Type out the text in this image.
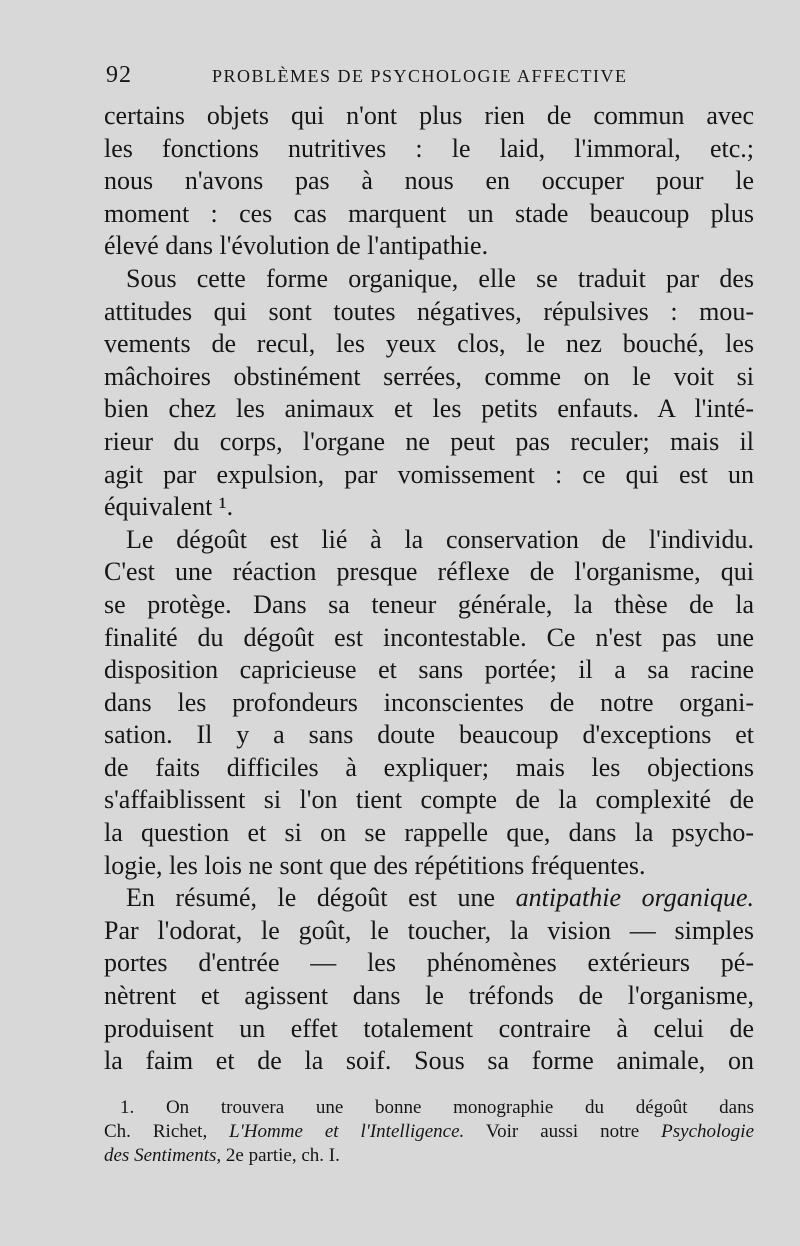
92	PROBLÈMES DE PSYCHOLOGIE AFFECTIVE
certains objets qui n'ont plus rien de commun avec
les fonctions nutritives : le laid, l'immoral, etc.;
nous n'avons pas à nous en occuper pour le
moment : ces cas marquent un stade beaucoup plus
élevé dans l'évolution de l'antipathie.
Sous cette forme organique, elle se traduit par des
attitudes qui sont toutes négatives, répulsives : mou-
vements de recul, les yeux clos, le nez bouché, les
mâchoires obstinément serrées, comme on le voit si
bien chez les animaux et les petits enfauts. A l'inté-
rieur du corps, l'organe ne peut pas reculer; mais il
agit par expulsion, par vomissement : ce qui est un
équivalent ¹.
Le dégoût est lié à la conservation de l'individu.
C'est une réaction presque réflexe de l'organisme, qui
se protège. Dans sa teneur générale, la thèse de la
finalité du dégoût est incontestable. Ce n'est pas une
disposition capricieuse et sans portée; il a sa racine
dans les profondeurs inconscientes de notre organi-
sation. Il y a sans doute beaucoup d'exceptions et
de faits difficiles à expliquer; mais les objections
s'affaiblissent si l'on tient compte de la complexité de
la question et si on se rappelle que, dans la psycho-
logie, les lois ne sont que des répétitions fréquentes.
En résumé, le dégoût est une antipathie organique.
Par l'odorat, le goût, le toucher, la vision — simples
portes d'entrée — les phénomènes extérieurs pé-
nètrent et agissent dans le tréfonds de l'organisme,
produisent un effet totalement contraire à celui de
la faim et de la soif. Sous sa forme animale, on
1. On trouvera une bonne monographie du dégoût dans
Ch. Richet, L'Homme et l'Intelligence. Voir aussi notre Psychologie
des Sentiments, 2e partie, ch. I.
